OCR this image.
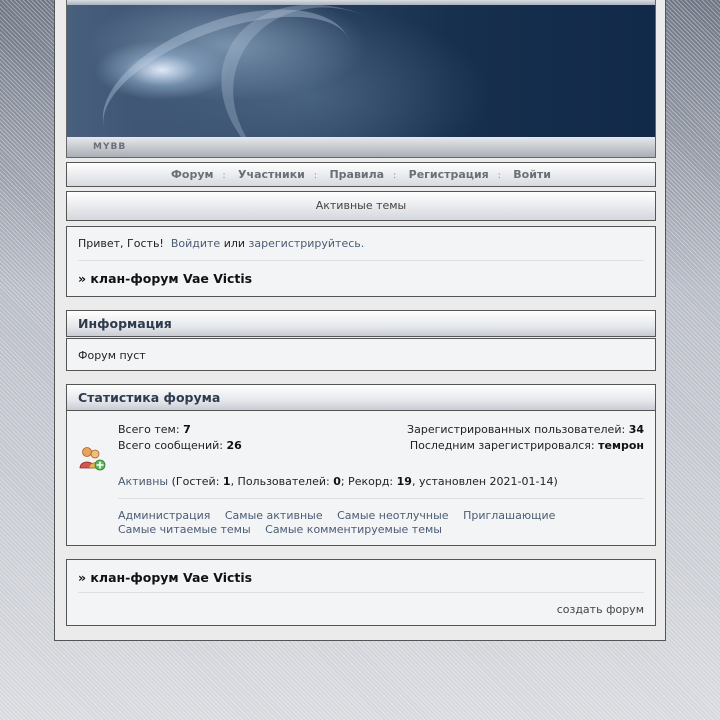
MYBB
Форум : Участники : Правила : Регистрация : Войти
Активные темы
Привет, Гость! Войдите или зарегистрируйтесь.
» клан-форум Vae Victis
Информация
Форум пуст
Статистика форума
Всего тем: 7
Всего сообщений: 26
Зарегистрированных пользователей: 34
Последним зарегистрировался: темрон
Активны (Гостей: 1, Пользователей: 0; Рекорд: 19, установлен 2021-01-14)
Администрация Самые активные Самые неотлучные Приглашающие
Самые читаемые темы Самые комментируемые темы
» клан-форум Vae Victis
создать форум
